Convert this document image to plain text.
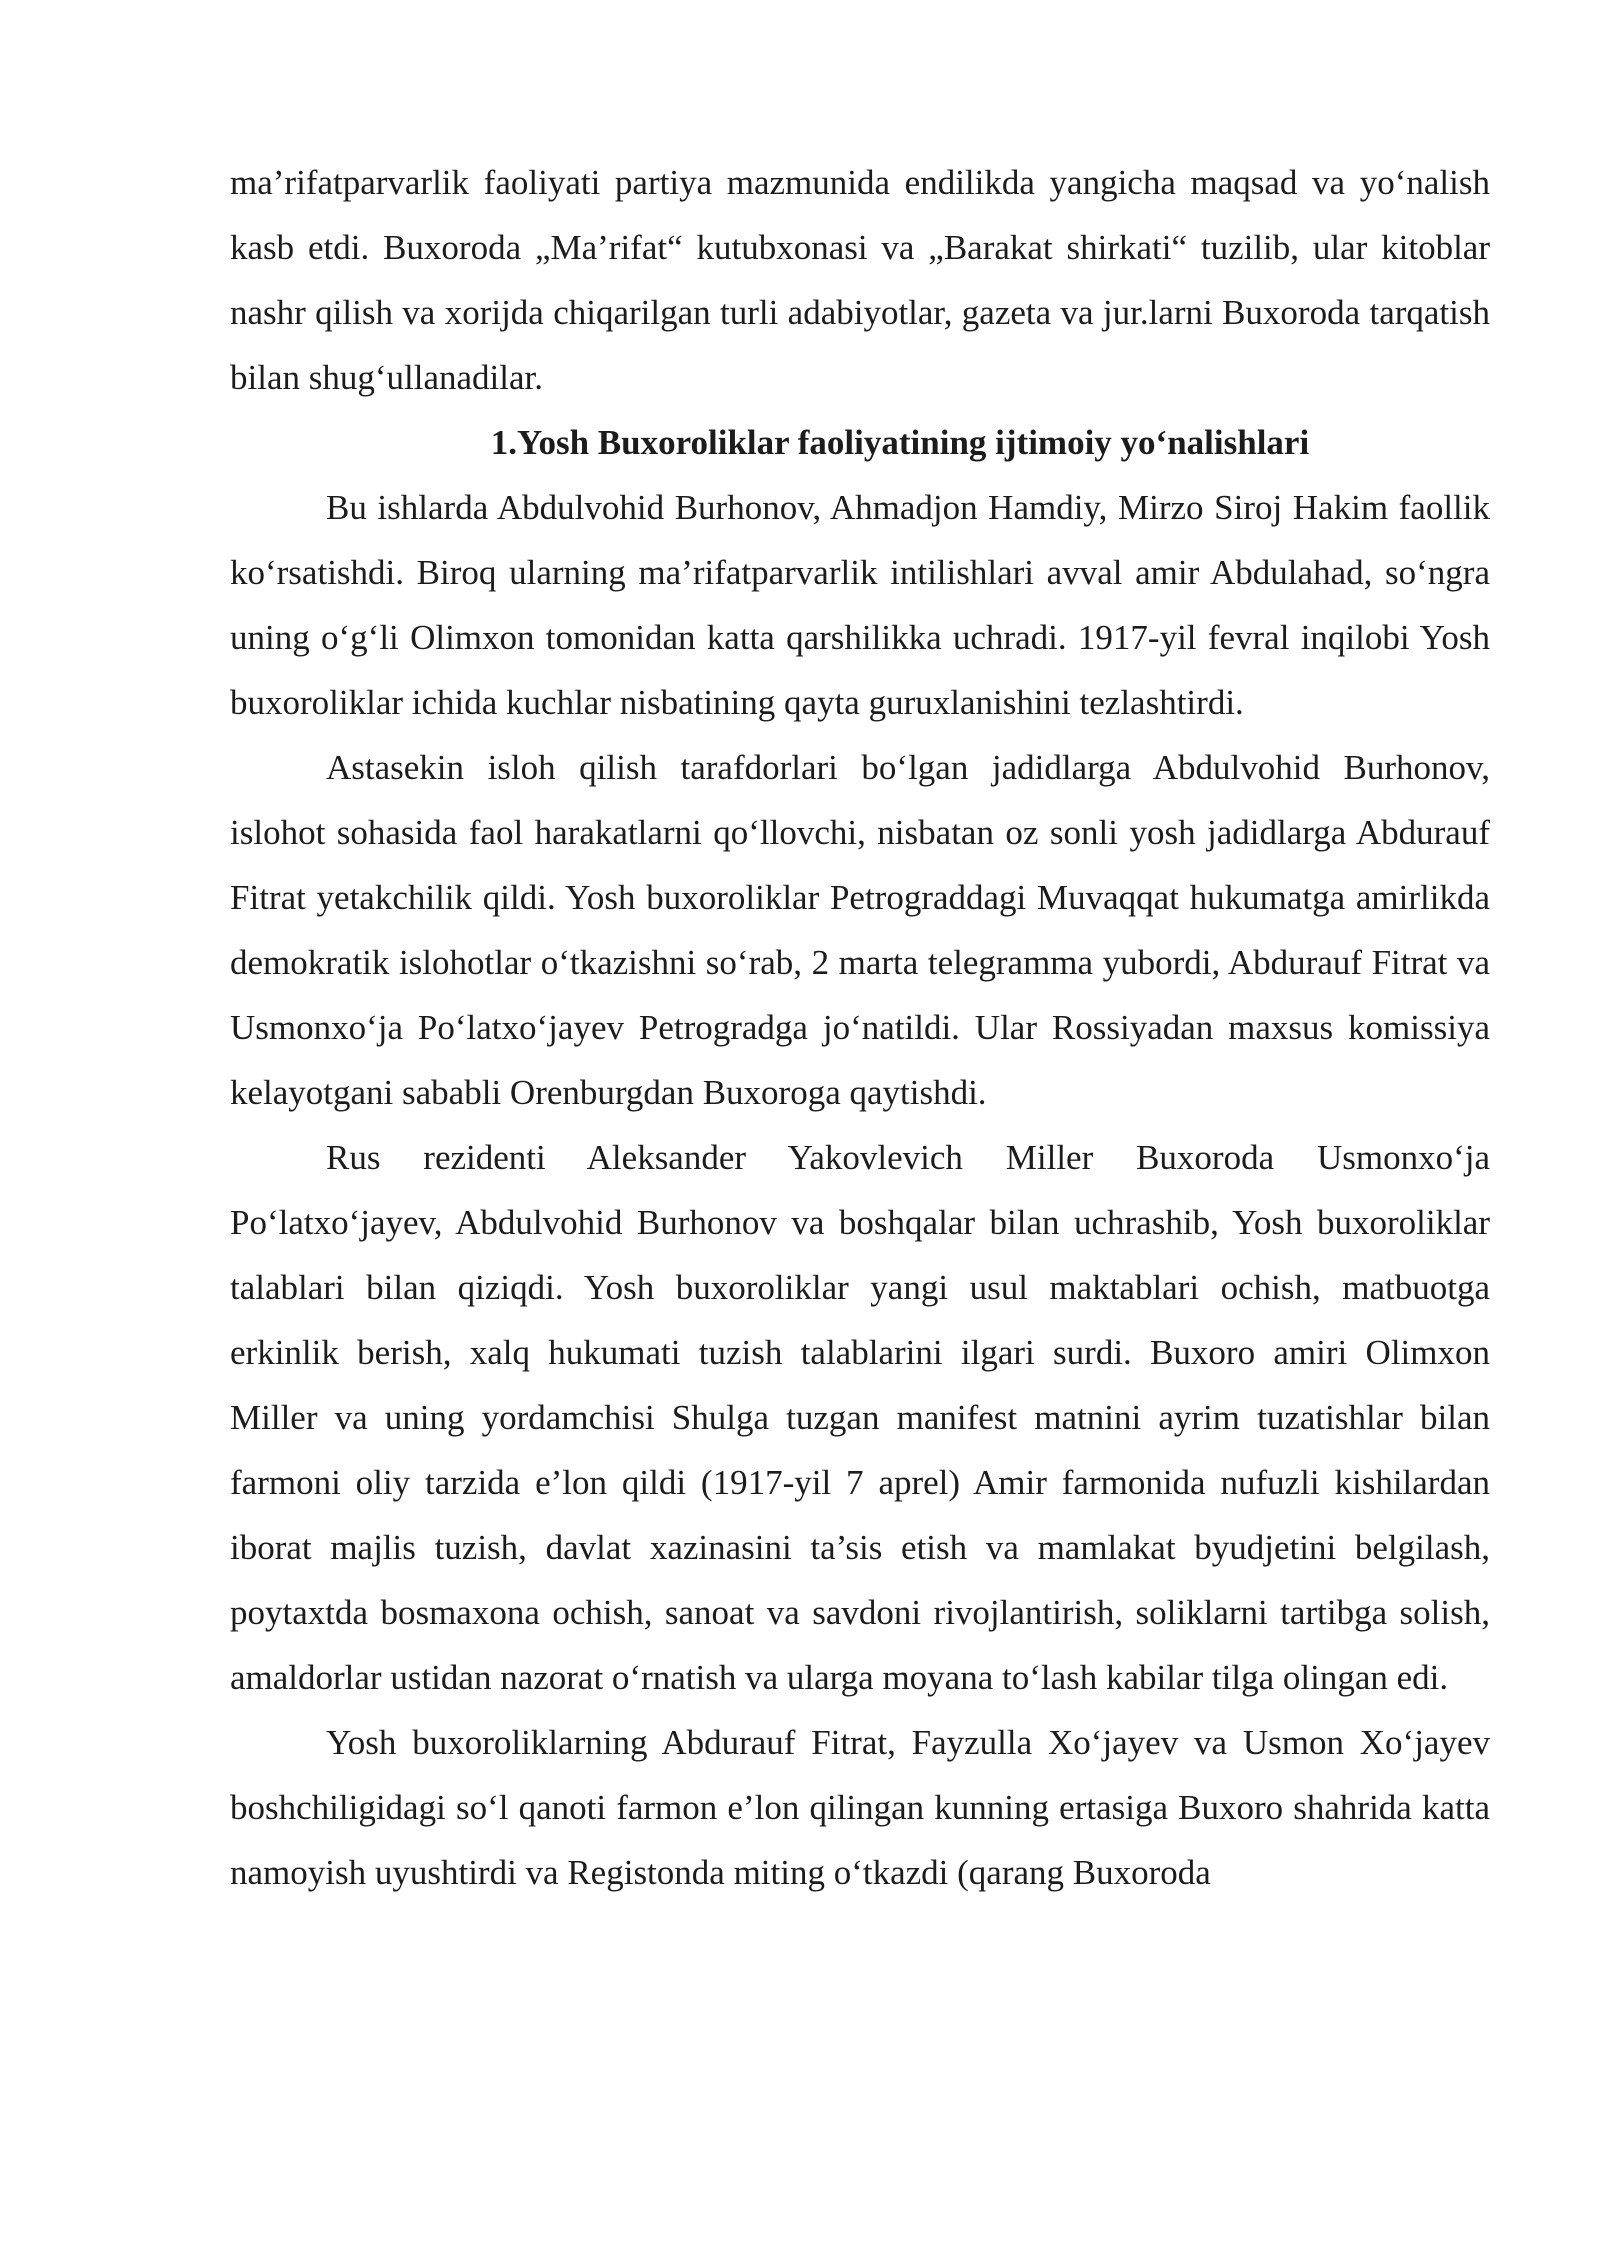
ma’rifatparvarlik faoliyati partiya mazmunida endilikda yangicha maqsad va yo‘nalish kasb etdi. Buxoroda „Ma’rifat“ kutubxonasi va „Barakat shirkati“ tuzilib, ular kitoblar nashr qilish va xorijda chiqarilgan turli adabiyotlar, gazeta va jur.larni Buxoroda tarqatish bilan shug‘ullanadilar.

1.Yosh Buxoroliklar faoliyatining ijtimoiy yo‘nalishlari

Bu ishlarda Abdulvohid Burhonov, Ahmadjon Hamdiy, Mirzo Siroj Hakim faollik ko‘rsatishdi. Biroq ularning ma’rifatparvarlik intilishlari avval amir Abdulahad, so‘ngra uning o‘g‘li Olimxon tomonidan katta qarshilikka uchradi. 1917-yil fevral inqilobi Yosh buxoroliklar ichida kuchlar nisbatining qayta guruxlanishini tezlashtirdi.

Astasekin isloh qilish tarafdorlari bo‘lgan jadidlarga Abdulvohid Burhonov, islohot sohasida faol harakatlarni qo‘llovchi, nisbatan oz sonli yosh jadidlarga Abdurauf Fitrat yetakchilik qildi. Yosh buxoroliklar Petrograddagi Muvaqqat hukumatga amirlikda demokratik islohotlar o‘tkazishni so‘rab, 2 marta telegramma yubordi, Abdurauf Fitrat va Usmonxo‘ja Po‘latxo‘jayev Petrogradga jo‘natildi. Ular Rossiyadan maxsus komissiya kelayotgani sababli Orenburgdan Buxoroga qaytishdi.

Rus rezidenti Aleksander Yakovlevich Miller Buxoroda Usmonxo‘ja Po‘latxo‘jayev, Abdulvohid Burhonov va boshqalar bilan uchrashib, Yosh buxoroliklar talablari bilan qiziqdi. Yosh buxoroliklar yangi usul maktablari ochish, matbuotga erkinlik berish, xalq hukumati tuzish talablarini ilgari surdi. Buxoro amiri Olimxon Miller va uning yordamchisi Shulga tuzgan manifest matnini ayrim tuzatishlar bilan farmoni oliy tarzida e’lon qildi (1917-yil 7 aprel) Amir farmonida nufuzli kishilardan iborat majlis tuzish, davlat xazinasini ta’sis etish va mamlakat byudjetini belgilash, poytaxtda bosmaxona ochish, sanoat va savdoni rivojlantirish, soliklarni tartibga solish, amaldorlar ustidan nazorat o‘rnatish va ularga moyana to‘lash kabilar tilga olingan edi.

Yosh buxoroliklarning Abdurauf Fitrat, Fayzulla Xo‘jayev va Usmon Xo‘jayev boshchiligidagi so‘l qanoti farmon e’lon qilingan kunning ertasiga Buxoro shahrida katta namoyish uyushtirdi va Registonda miting o‘tkazdi (qarang Buxoroda
